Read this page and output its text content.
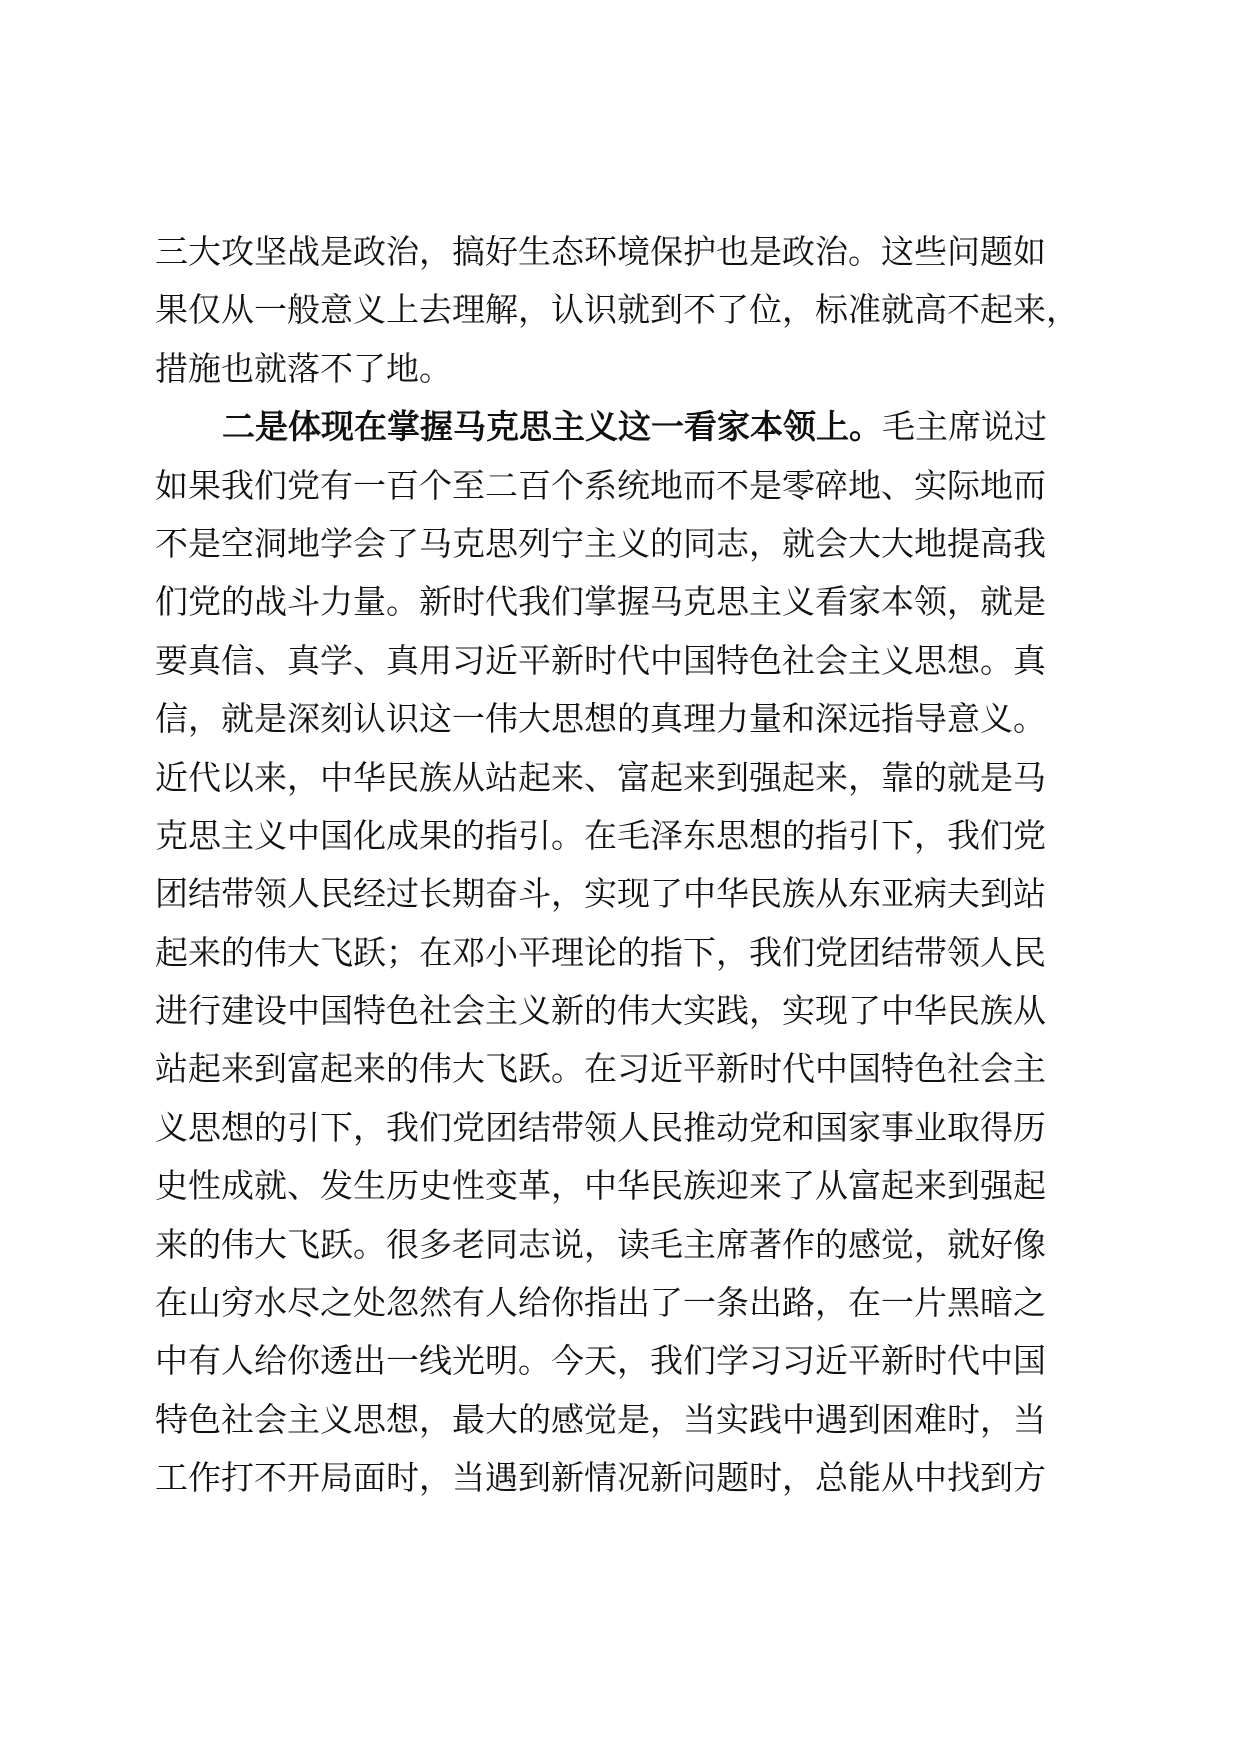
三大攻坚战是政治，搞好生态环境保护也是政治。这些问题如
果仅从一般意义上去理解，认识就到不了位，标准就高不起来，
措施也就落不了地。
二是体现在掌握马克思主义这一看家本领上。毛主席说过
如果我们党有一百个至二百个系统地而不是零碎地、实际地而
不是空洞地学会了马克思列宁主义的同志，就会大大地提高我
们党的战斗力量。新时代我们掌握马克思主义看家本领，就是
要真信、真学、真用习近平新时代中国特色社会主义思想。真
信，就是深刻认识这一伟大思想的真理力量和深远指导意义。
近代以来，中华民族从站起来、富起来到强起来，靠的就是马
克思主义中国化成果的指引。在毛泽东思想的指引下，我们党
团结带领人民经过长期奋斗，实现了中华民族从东亚病夫到站
起来的伟大飞跃；在邓小平理论的指下，我们党团结带领人民
进行建设中国特色社会主义新的伟大实践，实现了中华民族从
站起来到富起来的伟大飞跃。在习近平新时代中国特色社会主
义思想的引下，我们党团结带领人民推动党和国家事业取得历
史性成就、发生历史性变革，中华民族迎来了从富起来到强起
来的伟大飞跃。很多老同志说，读毛主席著作的感觉，就好像
在山穷水尽之处忽然有人给你指出了一条出路，在一片黑暗之
中有人给你透出一线光明。今天，我们学习习近平新时代中国
特色社会主义思想，最大的感觉是，当实践中遇到困难时，当
工作打不开局面时，当遇到新情况新问题时，总能从中找到方
